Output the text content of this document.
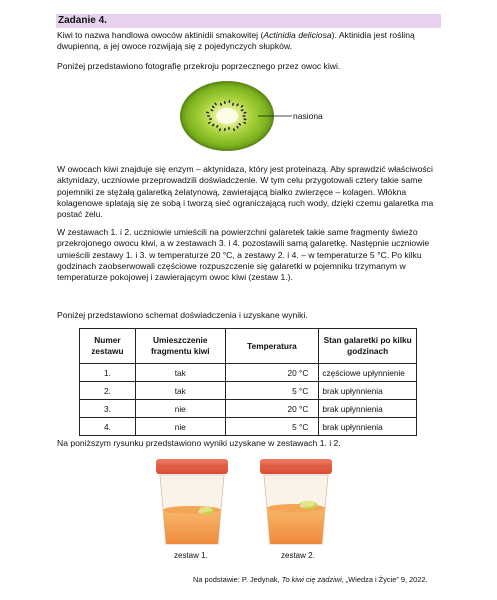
Zadanie 4.

Kiwi to nazwa handlowa owoców aktinidii smakowitej (Actinidia deliciosa). Aktinidia jest rośliną dwupienną, a jej owoce rozwijają się z pojedynczych słupków.

Poniżej przedstawiono fotografię przekroju poprzecznego przez owoc kiwi.

nasiona

W owocach kiwi znajduje się enzym – aktynidaza, który jest proteinazą. Aby sprawdzić właściwości aktynidazy, uczniowie przeprowadzili doświadczenie. W tym celu przygotowali cztery takie same pojemniki ze stężałą galaretką żelatynową, zawierającą białko zwierzęce – kolagen. Włókna kolagenowe splatają się ze sobą i tworzą sieć ograniczającą ruch wody, dzięki czemu galaretka ma postać żelu.

W zestawach 1. i 2. uczniowie umieścili na powierzchni galaretek takie same fragmenty świeżo przekrojonego owocu kiwi, a w zestawach 3. i 4. pozostawili samą galaretkę. Następnie uczniowie umieścili zestawy 1. i 3. w temperaturze 20 °C, a zestawy 2. i 4. – w temperaturze 5 °C. Po kilku godzinach zaobserwowali częściowe rozpuszczenie się galaretki w pojemniku trzymanym w temperaturze pokojowej i zawierającym owoc kiwi (zestaw 1.).

Poniżej przedstawiono schemat doświadczenia i uzyskane wyniki.

Numer zestawu	Umieszczenie fragmentu kiwi	Temperatura	Stan galaretki po kilku godzinach
1.	tak	20 °C	częściowe upłynnienie
2.	tak	5 °C	brak upłynnienia
3.	nie	20 °C	brak upłynnienia
4.	nie	5 °C	brak upłynnienia

Na poniższym rysunku przedstawiono wyniki uzyskane w zestawach 1. i 2.

zestaw 1.	zestaw 2.
Na podstawie: P. Jedynak, To kiwi cię zadziwi, „Wiedza i Życie” 9, 2022.
